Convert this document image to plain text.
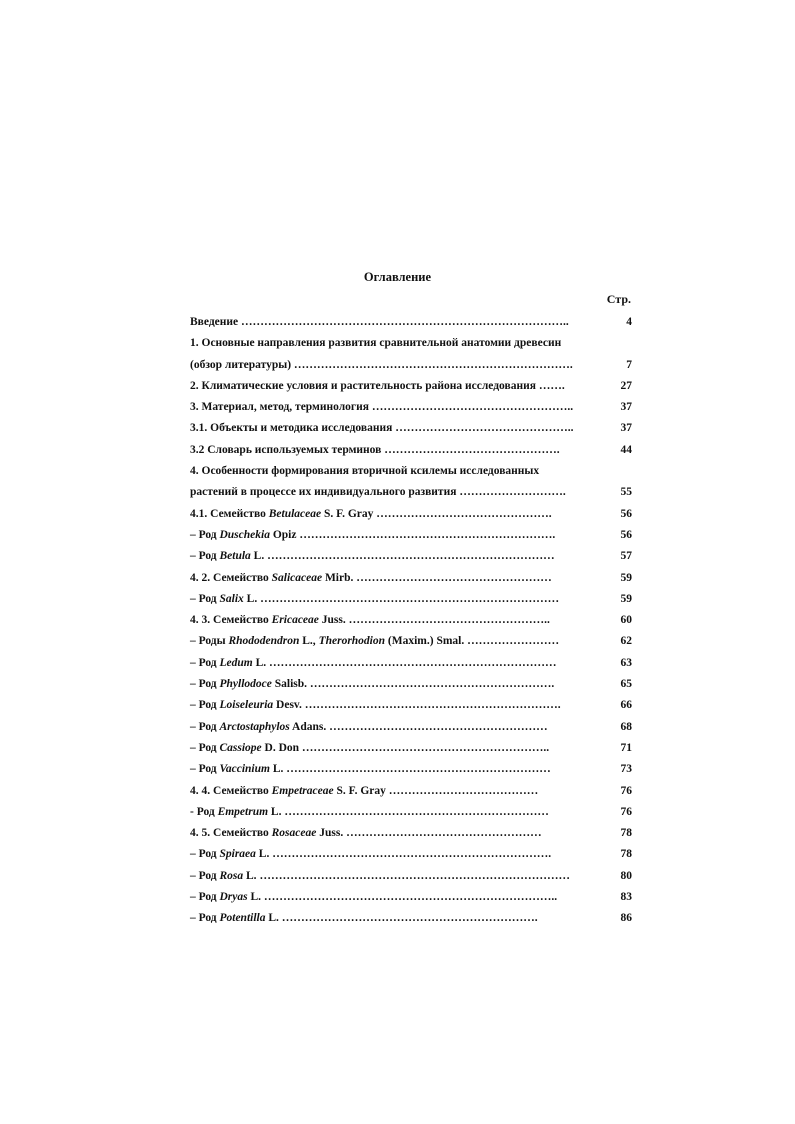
Оглавление
Стр.
Введение …………………………………………………………………………..	4
1. Основные направления развития сравнительной анатомии древесин
(обзор литературы) ……………………………………………………………….	7
2. Климатические условия и растительность района исследования …….	27
3. Материал, метод, терминология ……………………………………………..	37
3.1. Объекты и методика исследования ………………………………………..	37
3.2 Словарь используемых терминов ……………………………………….	44
4. Особенности формирования вторичной ксилемы исследованных
растений в процессе их индивидуального развития ……………………….	55
4.1. Семейство Betulaceae S. F. Gray ……………………………………….	56
– Род Duschekia Opiz ………………………………………………………….	56
– Род Betula L. …………………………………………………………………	57
4. 2. Семейство Salicaceae Mirb. ……………………………………………	59
– Род Salix L. ……………………………………………………………………	59
4. 3. Семейство Ericaceae Juss. ……………………………………………..	60
– Роды Rhododendron L., Therorhodion (Maxim.) Smal. ……………………	62
– Род Ledum L. …………………………………………………………………	63
– Род Phyllodoce Salisb. ……………………………………………………….	65
– Род Loiseleuria Desv. ………………………………………………………….	66
– Род Arctostaphylos Adans. …………………………………………………	68
– Род Cassiope D. Don ………………………………………………………..	71
– Род Vaccinium L. ……………………………………………………………	73
4. 4. Семейство Empetraceae S. F. Gray …………………………………	76
- Род Empetrum L. ……………………………………………………………	76
4. 5. Семейство Rosaceae Juss. ……………………………………………	78
– Род Spiraea L. ……………………………………………………………….	78
– Род Rosa L. ………………………………………………………………………	80
– Род Dryas L. …………………………………………………………………..	83
– Род Potentilla L. ………………………………………………………….	86
